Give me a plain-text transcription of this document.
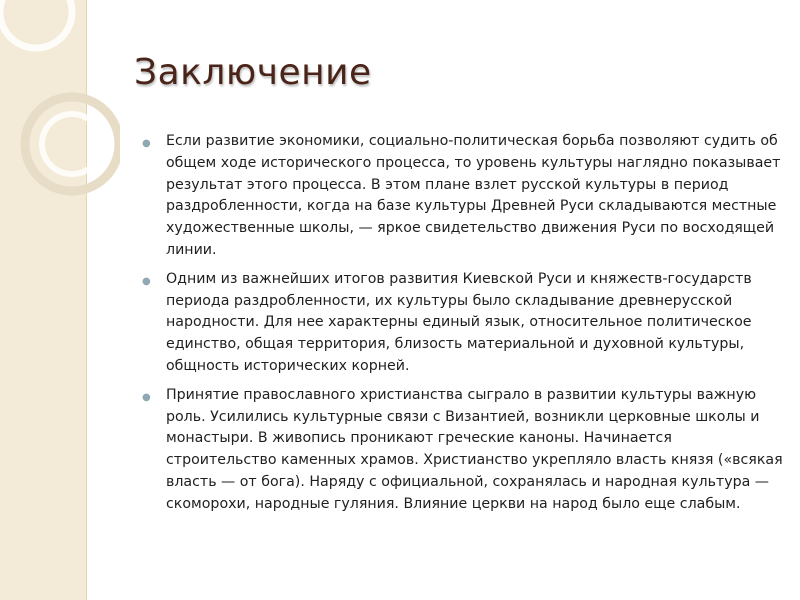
Заключение
● Если развитие экономики, социально-политическая борьба позволяют судить об общем ходе исторического процесса, то уровень культуры наглядно показывает результат этого процесса. В этом плане взлет русской культуры в период раздробленности, когда на базе культуры Древней Руси складываются местные художественные школы, — яркое свидетельство движения Руси по восходящей линии.
● Одним из важнейших итогов развития Киевской Руси и княжеств-государств периода раздробленности, их культуры было складывание древнерусской народности. Для нее характерны единый язык, относительное политическое единство, общая территория, близость материальной и духовной культуры, общность исторических корней.
● Принятие православного христианства сыграло в развитии культуры важную роль. Усилились культурные связи с Византией, возникли церковные школы и монастыри. В живопись проникают греческие каноны. Начинается строительство каменных храмов. Христианство укрепляло власть князя («всякая власть — от бога). Наряду с официальной, сохранялась и народная культура — скоморохи, народные гуляния. Влияние церкви на народ было еще слабым.
